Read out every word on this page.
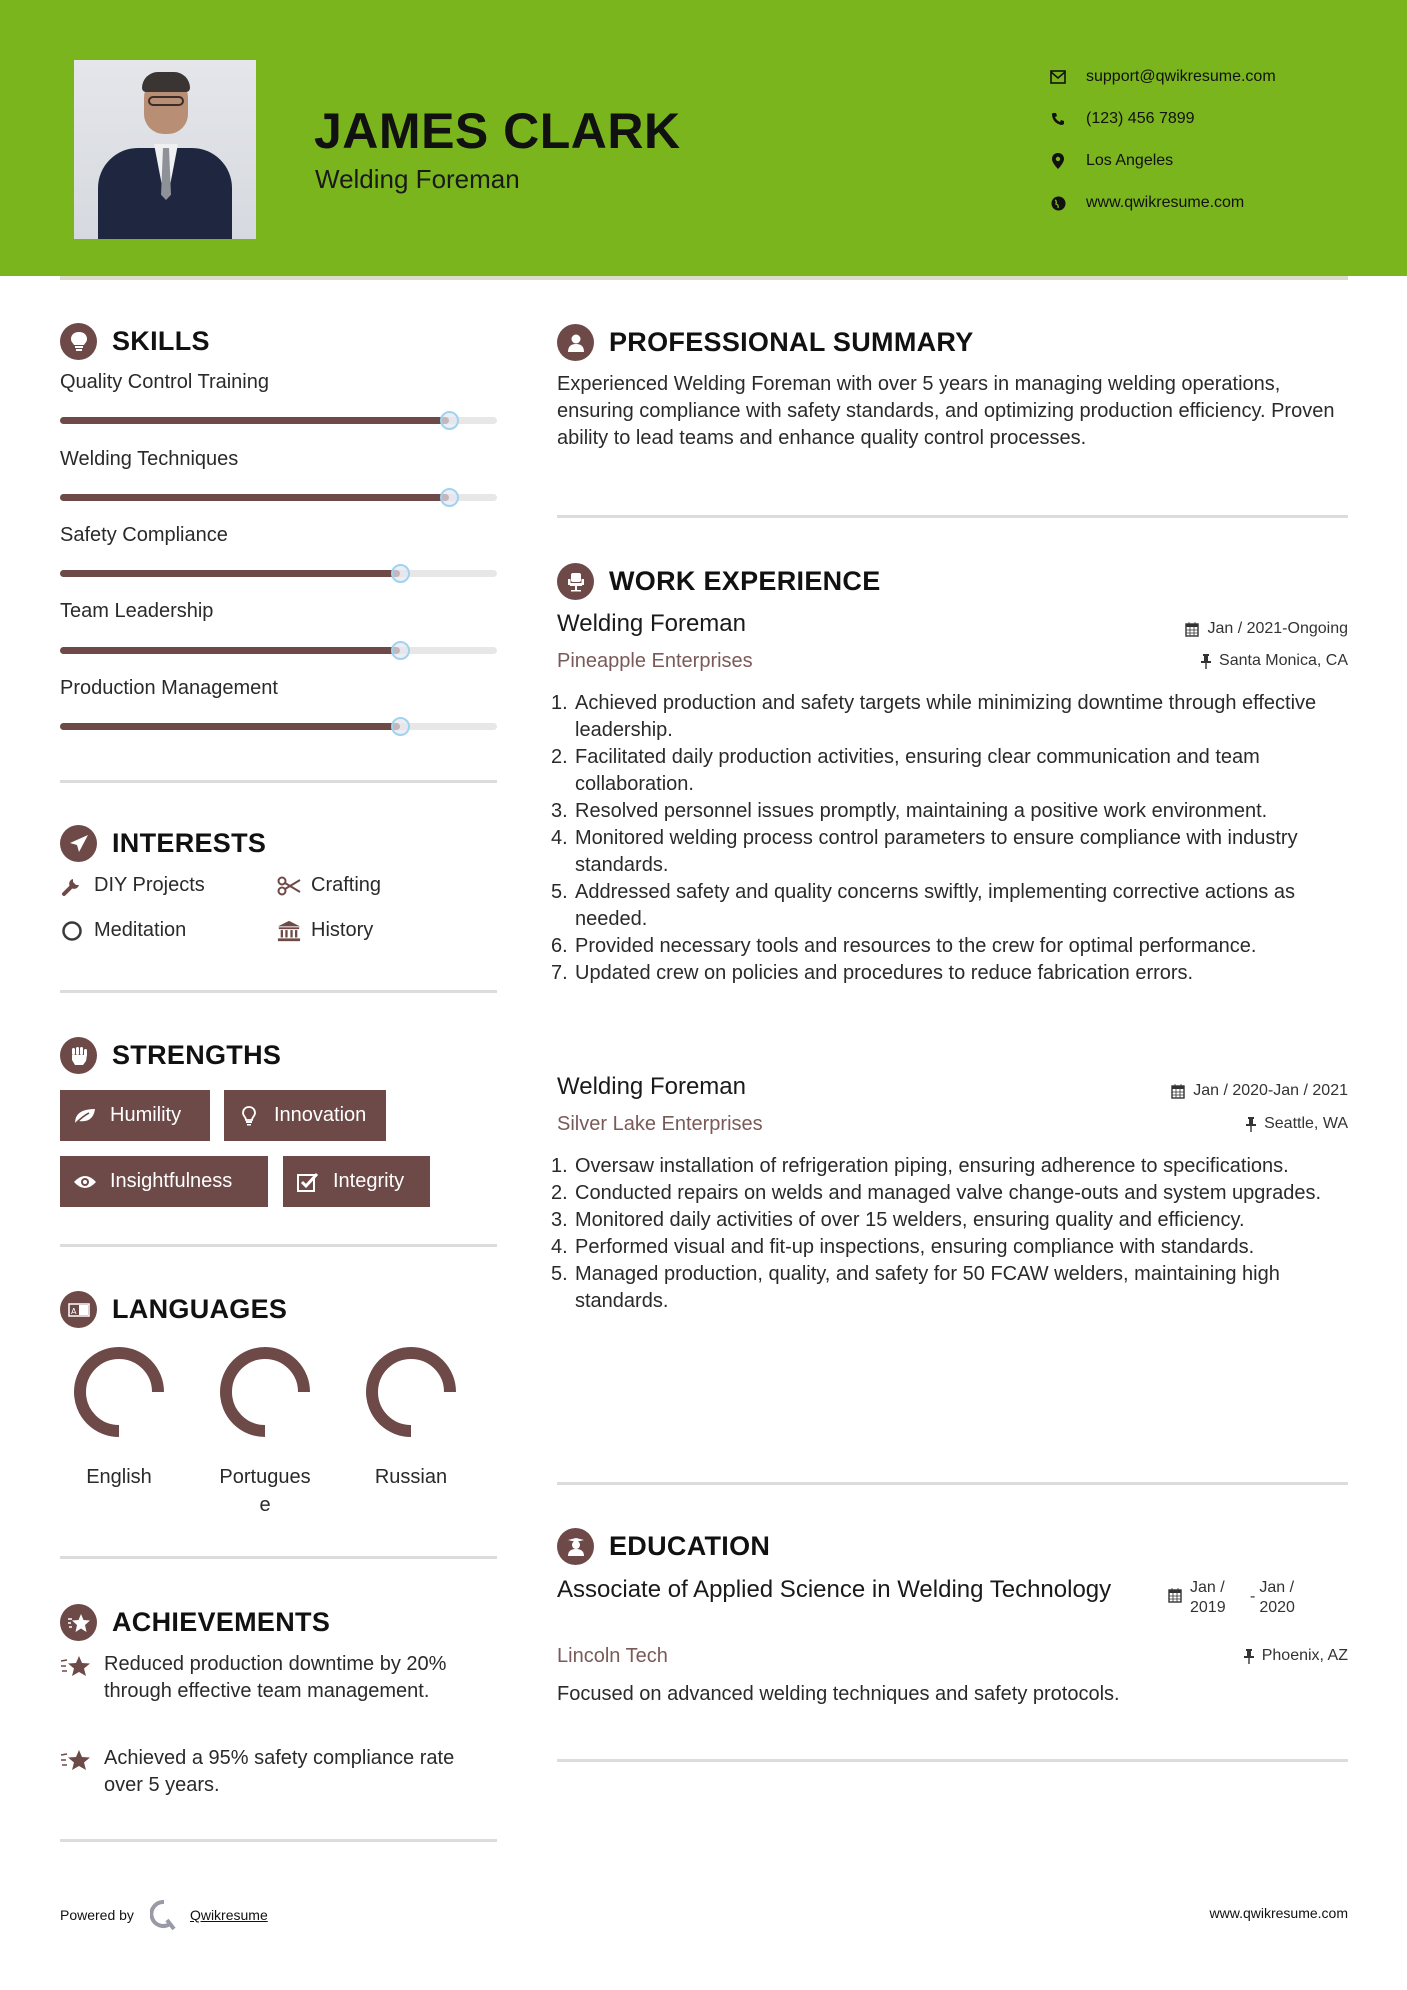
JAMES CLARK
Welding Foreman
support@qwikresume.com
(123) 456 7899
Los Angeles
www.qwikresume.com
SKILLS
Quality Control Training
Welding Techniques
Safety Compliance
Team Leadership
Production Management
INTERESTS
DIY Projects	Crafting
Meditation	History
STRENGTHS
Humility	Innovation
Insightfulness	Integrity
A LANGUAGES
English	Portuguese
Russian
ACHIEVEMENTS
Reduced production downtime by 20% through effective team management.
Achieved a 95% safety compliance rate over 5 years.
PROFESSIONAL SUMMARY
Experienced Welding Foreman with over 5 years in managing welding operations, ensuring compliance with safety standards, and optimizing production efficiency. Proven ability to lead teams and enhance quality control processes.
WORK EXPERIENCE
Welding Foreman	Jan / 2021-Ongoing
Pineapple Enterprises	Santa Monica, CA
1. Achieved production and safety targets while minimizing downtime through effective leadership.
2. Facilitated daily production activities, ensuring clear communication and team collaboration.
3. Resolved personnel issues promptly, maintaining a positive work environment.
4. Monitored welding process control parameters to ensure compliance with industry standards.
5. Addressed safety and quality concerns swiftly, implementing corrective actions as needed.
6. Provided necessary tools and resources to the crew for optimal performance.
7. Updated crew on policies and procedures to reduce fabrication errors.
Welding Foreman	Jan / 2020-Jan / 2021
Silver Lake Enterprises	Seattle, WA
1. Oversaw installation of refrigeration piping, ensuring adherence to specifications.
2. Conducted repairs on welds and managed valve change-outs and system upgrades.
3. Monitored daily activities of over 15 welders, ensuring quality and efficiency.
4. Performed visual and fit-up inspections, ensuring compliance with standards.
5. Managed production, quality, and safety for 50 FCAW welders, maintaining high standards.
EDUCATION
Associate of Applied Science in Welding Technology	Jan / 2019
-
Jan / 2020
Lincoln Tech	Phoenix, AZ
Focused on advanced welding techniques and safety protocols.
Powered by	Qwikresume	www.qwikresume.com
